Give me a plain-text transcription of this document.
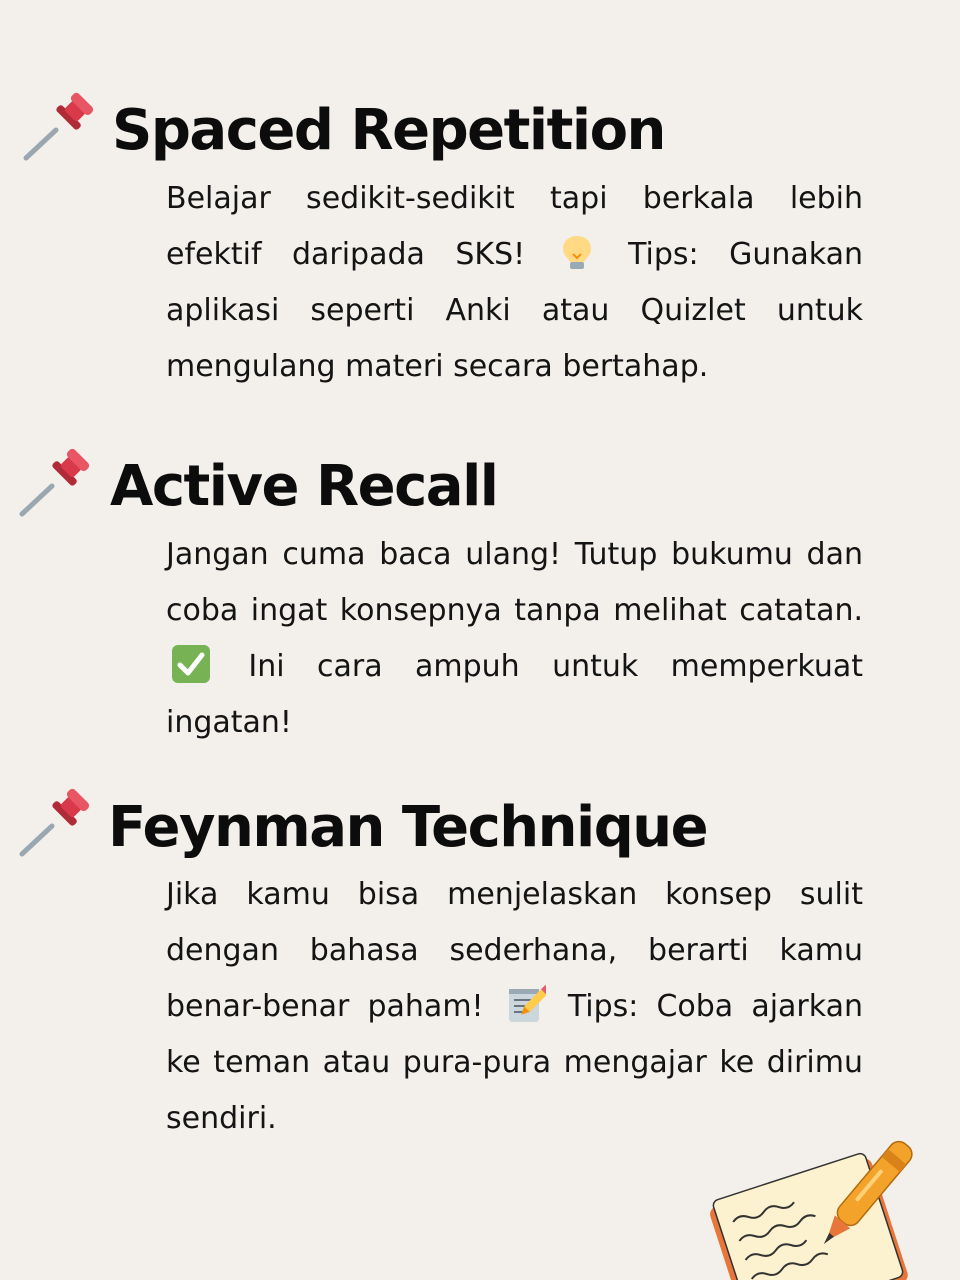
Spaced Repetition

Belajar sedikit-sedikit tapi berkala lebih efektif daripada SKS!	Tips: Gunakan aplikasi seperti Anki atau Quizlet untuk mengulang materi secara bertahap.

Active Recall

Jangan cuma baca ulang! Tutup bukumu dan coba ingat konsepnya tanpa melihat catatan.  Ini cara ampuh untuk memperkuat ingatan!

Feynman Technique

Jika kamu bisa menjelaskan konsep sulit dengan bahasa sederhana, berarti kamu benar-benar paham!	Tips: Coba ajarkan ke teman atau pura-pura mengajar ke dirimu sendiri.
